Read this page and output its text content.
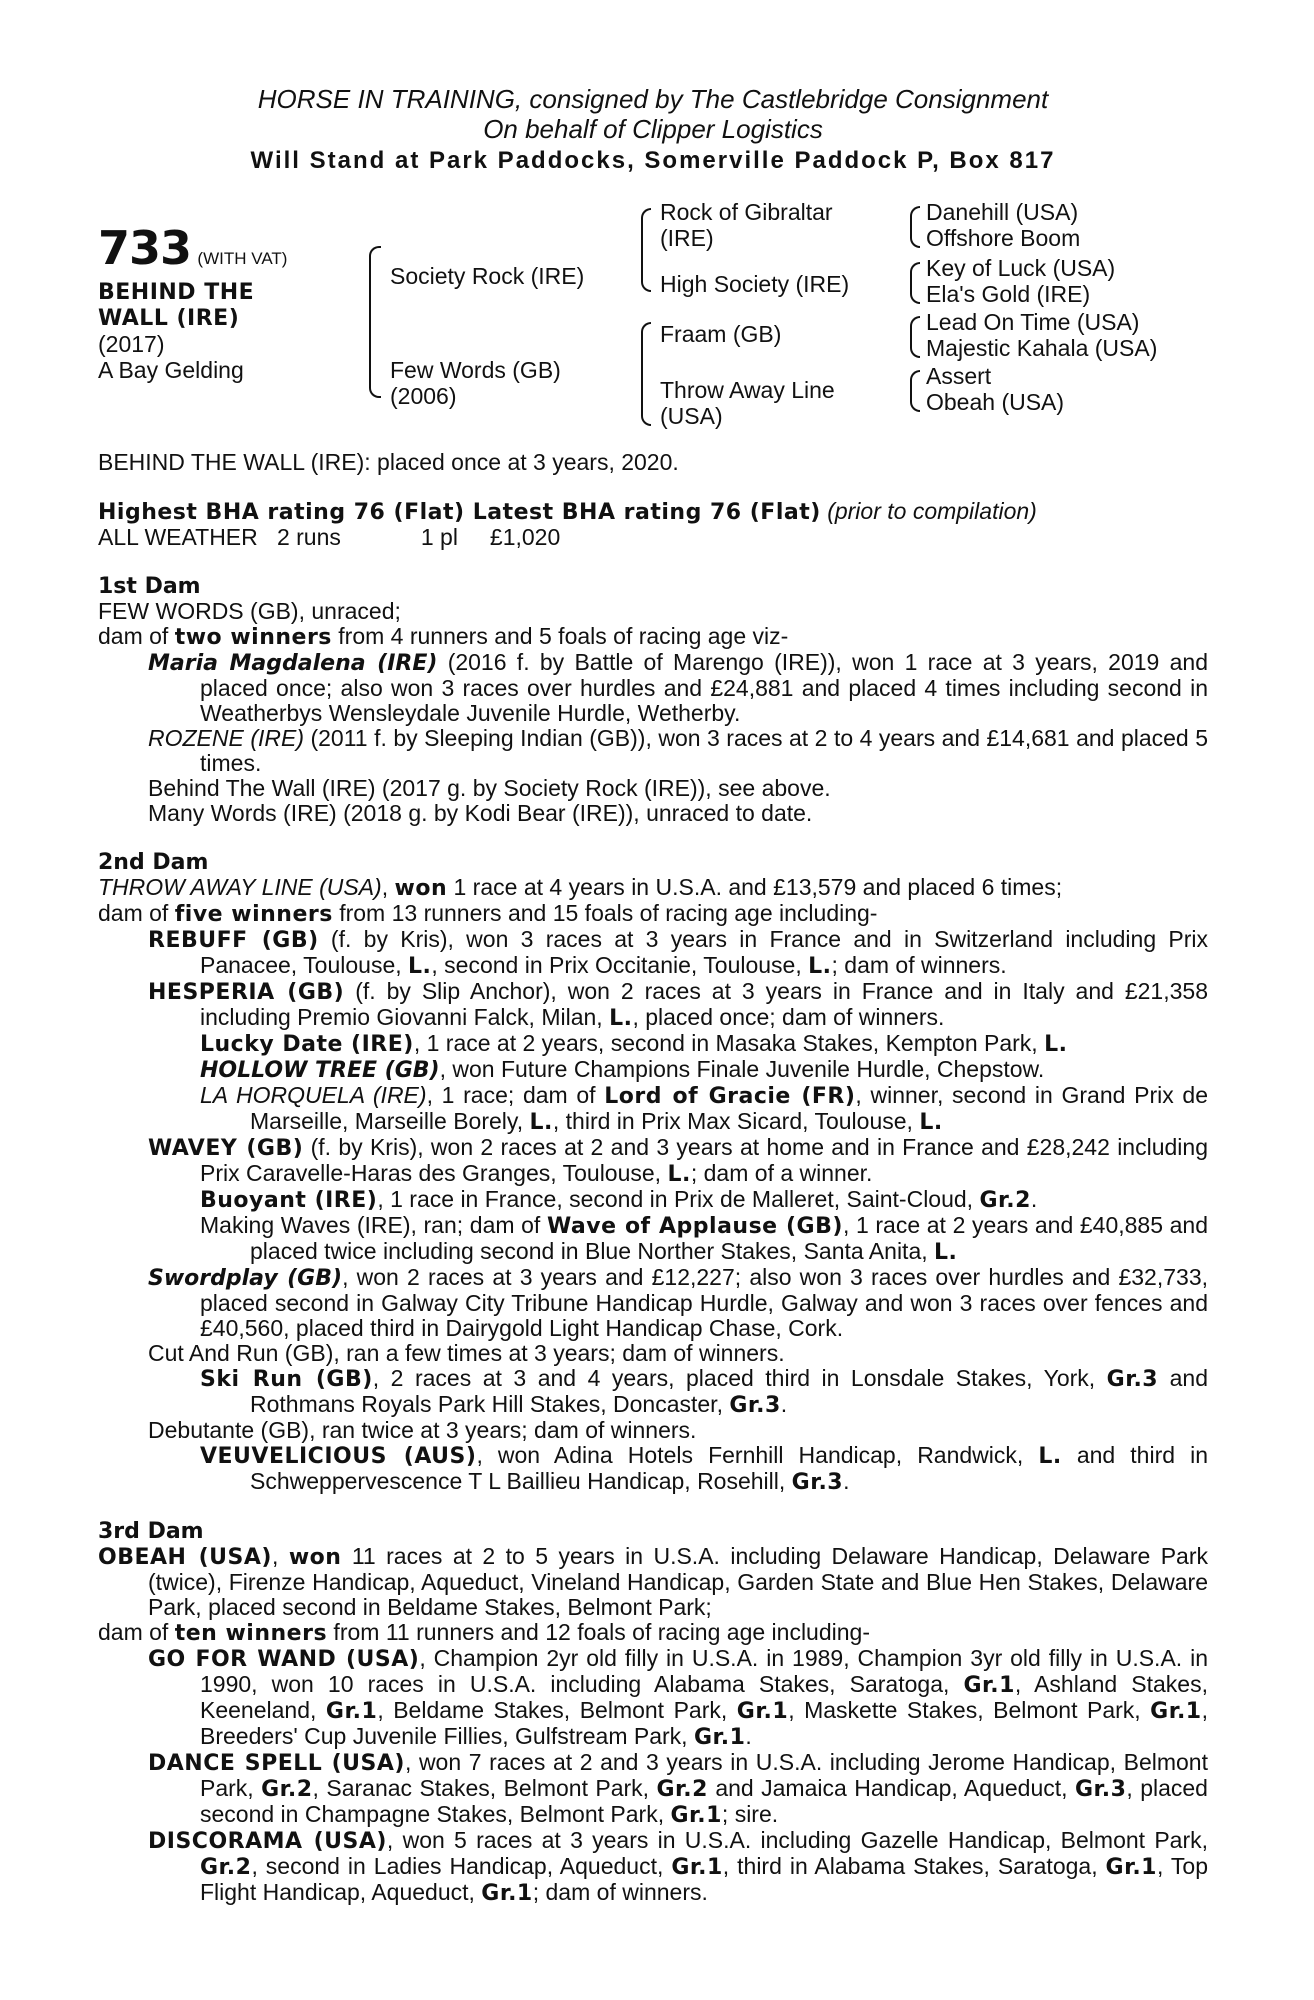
HORSE IN TRAINING, consigned by The Castlebridge Consignment
On behalf of Clipper Logistics
Will Stand at Park Paddocks, Somerville Paddock P, Box 817
733 (WITH VAT)
BEHIND THE
WALL (IRE)
(2017)
A Bay Gelding
Society Rock (IRE)
Few Words (GB)
(2006)
Rock of Gibraltar
(IRE)
High Society (IRE)
Fraam (GB)
Throw Away Line
(USA)
Danehill (USA)
Offshore Boom
Key of Luck (USA)
Ela's Gold (IRE)
Lead On Time (USA)
Majestic Kahala (USA)
Assert
Obeah (USA)
BEHIND THE WALL (IRE): placed once at 3 years, 2020.
Highest BHA rating 76 (Flat) Latest BHA rating 76 (Flat) (prior to compilation)
ALL WEATHER 2 runs	1 pl £1,020

1st Dam

FEW WORDS (GB), unraced;

dam of two winners from 4 runners and 5 foals of racing age viz-

Maria Magdalena (IRE) (2016 f. by Battle of Marengo (IRE)), won 1 race at 3 years, 2019 and placed once; also won 3 races over hurdles and £24,881 and placed 4 times including second in Weatherbys Wensleydale Juvenile Hurdle, Wetherby.

ROZENE (IRE) (2011 f. by Sleeping Indian (GB)), won 3 races at 2 to 4 years and £14,681 and placed 5 times.

Behind The Wall (IRE) (2017 g. by Society Rock (IRE)), see above.

Many Words (IRE) (2018 g. by Kodi Bear (IRE)), unraced to date.

2nd Dam

THROW AWAY LINE (USA), won 1 race at 4 years in U.S.A. and £13,579 and placed 6 times;

dam of five winners from 13 runners and 15 foals of racing age including-

REBUFF (GB) (f. by Kris), won 3 races at 3 years in France and in Switzerland including Prix Panacee, Toulouse, L., second in Prix Occitanie, Toulouse, L.; dam of winners.

HESPERIA (GB) (f. by Slip Anchor), won 2 races at 3 years in France and in Italy and £21,358 including Premio Giovanni Falck, Milan, L., placed once; dam of winners.

Lucky Date (IRE), 1 race at 2 years, second in Masaka Stakes, Kempton Park, L.

HOLLOW TREE (GB), won Future Champions Finale Juvenile Hurdle, Chepstow.

LA HORQUELA (IRE), 1 race; dam of Lord of Gracie (FR), winner, second in Grand Prix de Marseille, Marseille Borely, L., third in Prix Max Sicard, Toulouse, L.

WAVEY (GB) (f. by Kris), won 2 races at 2 and 3 years at home and in France and £28,242 including Prix Caravelle-Haras des Granges, Toulouse, L.; dam of a winner.

Buoyant (IRE), 1 race in France, second in Prix de Malleret, Saint-Cloud, Gr.2.

Making Waves (IRE), ran; dam of Wave of Applause (GB), 1 race at 2 years and £40,885 and placed twice including second in Blue Norther Stakes, Santa Anita, L.

Swordplay (GB), won 2 races at 3 years and £12,227; also won 3 races over hurdles and £32,733, placed second in Galway City Tribune Handicap Hurdle, Galway and won 3 races over fences and £40,560, placed third in Dairygold Light Handicap Chase, Cork.

Cut And Run (GB), ran a few times at 3 years; dam of winners.

Ski Run (GB), 2 races at 3 and 4 years, placed third in Lonsdale Stakes, York, Gr.3 and Rothmans Royals Park Hill Stakes, Doncaster, Gr.3.

Debutante (GB), ran twice at 3 years; dam of winners.

VEUVELICIOUS (AUS), won Adina Hotels Fernhill Handicap, Randwick, L. and third in Schweppervescence T L Baillieu Handicap, Rosehill, Gr.3.

3rd Dam

OBEAH (USA), won 11 races at 2 to 5 years in U.S.A. including Delaware Handicap, Delaware Park (twice), Firenze Handicap, Aqueduct, Vineland Handicap, Garden State and Blue Hen Stakes, Delaware Park, placed second in Beldame Stakes, Belmont Park;

dam of ten winners from 11 runners and 12 foals of racing age including-

GO FOR WAND (USA), Champion 2yr old filly in U.S.A. in 1989, Champion 3yr old filly in U.S.A. in 1990, won 10 races in U.S.A. including Alabama Stakes, Saratoga, Gr.1, Ashland Stakes, Keeneland, Gr.1, Beldame Stakes, Belmont Park, Gr.1, Maskette Stakes, Belmont Park, Gr.1, Breeders' Cup Juvenile Fillies, Gulfstream Park, Gr.1.

DANCE SPELL (USA), won 7 races at 2 and 3 years in U.S.A. including Jerome Handicap, Belmont Park, Gr.2, Saranac Stakes, Belmont Park, Gr.2 and Jamaica Handicap, Aqueduct, Gr.3, placed second in Champagne Stakes, Belmont Park, Gr.1; sire.

DISCORAMA (USA), won 5 races at 3 years in U.S.A. including Gazelle Handicap, Belmont Park, Gr.2, second in Ladies Handicap, Aqueduct, Gr.1, third in Alabama Stakes, Saratoga, Gr.1, Top Flight Handicap, Aqueduct, Gr.1; dam of winners.
